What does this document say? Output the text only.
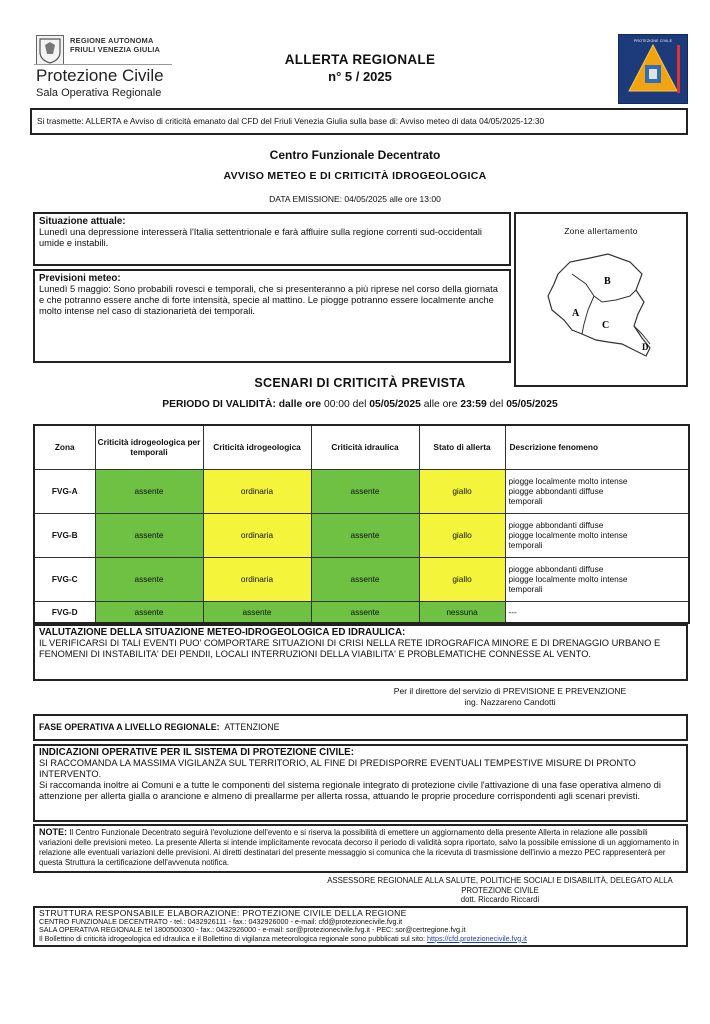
REGIONE AUTONOMA
FRIULI VENEZIA GIULIA
Protezione Civile
Sala Operativa Regionale
ALLERTA REGIONALE
n° 5 / 2025
PROTEZIONE CIVILE
Si trasmette: ALLERTA e Avviso di criticità emanato dal CFD del Friuli Venezia Giulia sulla base di: Avviso meteo di data 04/05/2025-12:30
Centro Funzionale Decentrato
AVVISO METEO E DI CRITICITÀ IDROGEOLOGICA
DATA EMISSIONE: 04/05/2025 alle ore 13:00
Situazione attuale:
Lunedì una depressione interesserà l'Italia settentrionale e farà affluire sulla regione correnti sud-occidentali umide e instabili.
Previsioni meteo:
Lunedì 5 maggio: Sono probabili rovesci e temporali, che si presenteranno a più riprese nel corso della giornata e che potranno essere anche di forte intensità, specie al mattino. Le piogge potranno essere localmente anche molto intense nel caso di stazionarietà dei temporali.
Zone allertamento
B
A
C
D
SCENARI DI CRITICITÀ PREVISTA
PERIODO DI VALIDITÀ: dalle ore 00:00 del 05/05/2025 alle ore 23:59 del 05/05/2025
Zona	Criticità idrogeologica per temporali	Criticità idrogeologica	Criticità idraulica	Stato di allerta	Descrizione fenomeno
FVG-A	assente	ordinaria	assente	giallo	piogge localmente molto intense
piogge abbondanti diffuse
temporali

FVG-B	assente	ordinaria	assente	giallo	piogge abbondanti diffuse
piogge localmente molto intense
temporali

FVG-C	assente	ordinaria	assente	giallo	piogge abbondanti diffuse
piogge localmente molto intense
temporali

FVG-D	assente	assente	assente	nessuna	---
VALUTAZIONE DELLA SITUAZIONE METEO-IDROGEOLOGICA ED IDRAULICA:
IL VERIFICARSI DI TALI EVENTI PUO' COMPORTARE SITUAZIONI DI CRISI NELLA RETE IDROGRAFICA MINORE E DI DRENAGGIO URBANO E FENOMENI DI INSTABILITA' DEI PENDII, LOCALI INTERRUZIONI DELLA VIABILITA' E PROBLEMATICHE CONNESSE AL VENTO.
Per il direttore del servizio di PREVISIONE E PREVENZIONE
ing. Nazzareno Candotti
FASE OPERATIVA A LIVELLO REGIONALE: ATTENZIONE
INDICAZIONI OPERATIVE PER IL SISTEMA DI PROTEZIONE CIVILE:
SI RACCOMANDA LA MASSIMA VIGILANZA SUL TERRITORIO, AL FINE DI PREDISPORRE EVENTUALI TEMPESTIVE MISURE DI PRONTO INTERVENTO.
Si raccomanda inoltre ai Comuni e a tutte le componenti del sistema regionale integrato di protezione civile l'attivazione di una fase operativa almeno di attenzione per allerta gialla o arancione e almeno di preallarme per allerta rossa, attuando le proprie procedure corrispondenti agli scenari previsti.
NOTE: Il Centro Funzionale Decentrato seguirà l'evoluzione dell'evento e si riserva la possibilità di emettere un aggiornamento della presente Allerta in relazione alle possibili variazioni delle previsioni meteo. La presente Allerta si intende implicitamente revocata decorso il periodo di validità sopra riportato, salvo la possibile emissione di un aggiornamento in relazione alle eventuali variazioni delle previsioni. Ai diretti destinatari del presente messaggio si comunica che la ricevuta di trasmissione dell'invio a mezzo PEC rappresenterà per questa Struttura la certificazione dell'avvenuta notifica.
ASSESSORE REGIONALE ALLA SALUTE, POLITICHE SOCIALI E DISABILITÀ, DELEGATO ALLA
PROTEZIONE CIVILE
dott. Riccardo Riccardi
STRUTTURA RESPONSABILE ELABORAZIONE: PROTEZIONE CIVILE DELLA REGIONE
CENTRO FUNZIONALE DECENTRATO - tel.: 0432926111 - fax.: 0432926000 - e-mail: cfd@protezionecivile.fvg.it
SALA OPERATIVA REGIONALE tel 1800500300 - fax.: 0432926000 - e-mail: sor@protezionecivile.fvg.it - PEC: sor@certregione.fvg.it
Il Bollettino di criticità idrogeologica ed idraulica e il Bollettino di vigilanza meteorologica regionale sono pubblicati sul sito: https://cfd.protezionecivile.fvg.it
